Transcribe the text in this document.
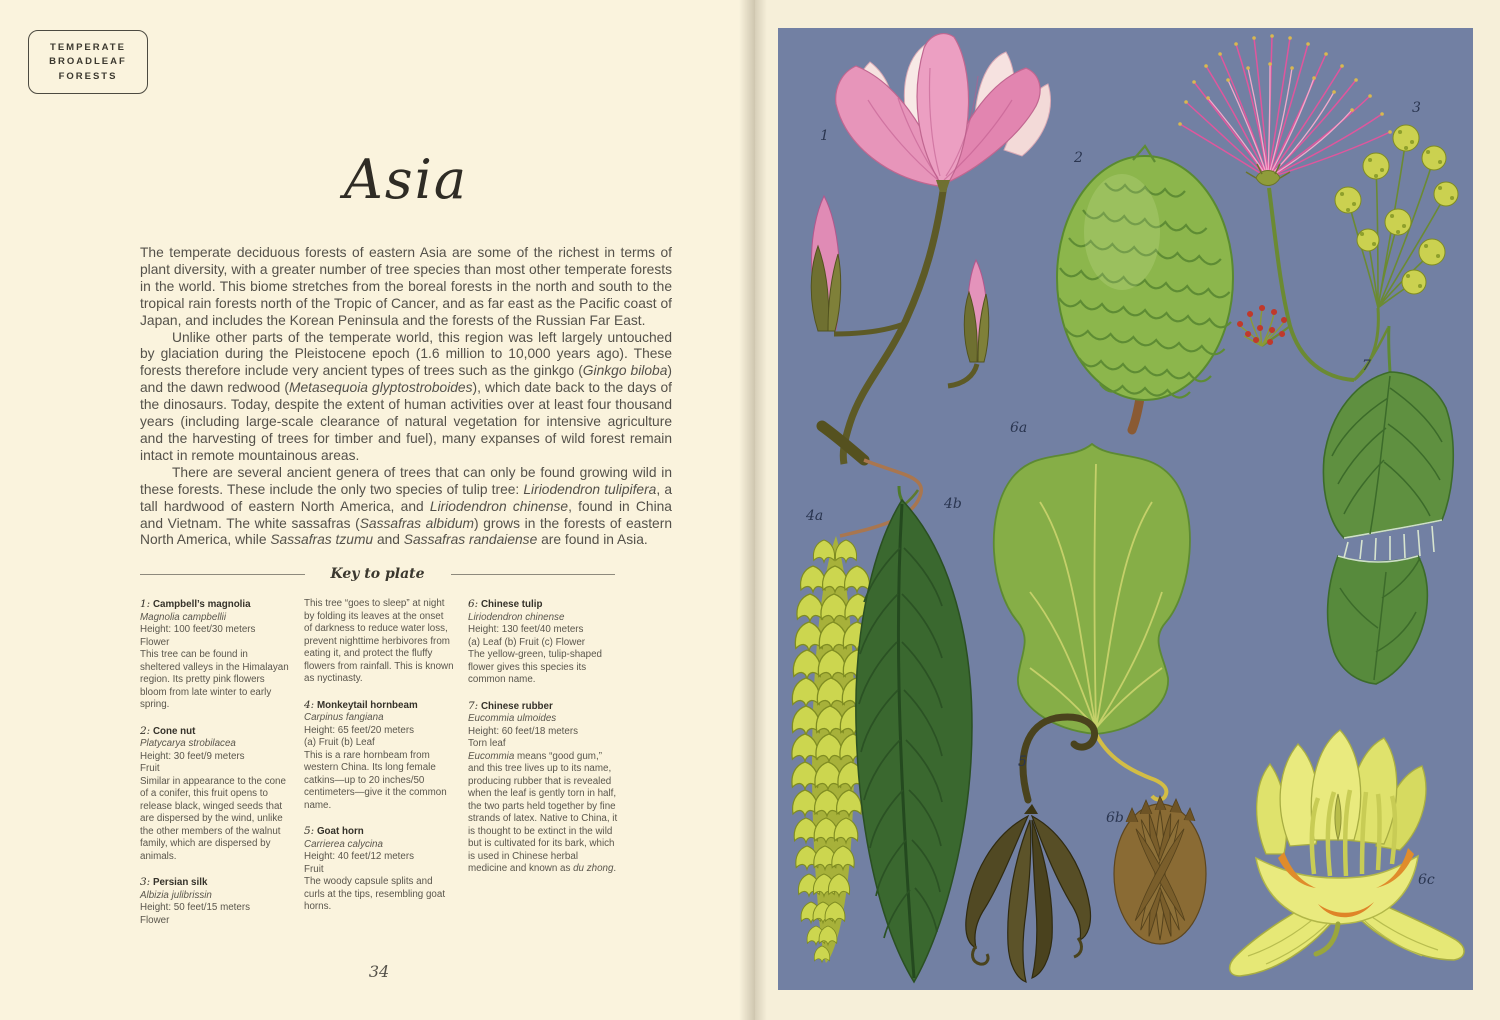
TEMPERATE
BROADLEAF FORESTS
Asia

The temperate deciduous forests of eastern Asia are some of the richest in terms of plant diversity, with a greater number of tree species than most other temperate forests in the world. This biome stretches from the boreal forests in the north and south to the tropical rain forests north of the Tropic of Cancer, and as far east as the Pacific coast of Japan, and includes the Korean Peninsula and the forests of the Russian Far East.

Unlike other parts of the temperate world, this region was left largely untouched by glaciation during the Pleistocene epoch (1.6 million to 10,000 years ago). These forests therefore include very ancient types of trees such as the ginkgo (Ginkgo biloba) and the dawn redwood (Metasequoia glyptostroboides), which date back to the days of the dinosaurs. Today, despite the extent of human activities over at least four thousand years (including large-scale clearance of natural vegetation for intensive agriculture and the harvesting of trees for timber and fuel), many expanses of wild forest remain intact in remote mountainous areas.

There are several ancient genera of trees that can only be found growing wild in these forests. These include the only two species of tulip tree: Liriodendron tulipifera, a tall hardwood of eastern North America, and Liriodendron chinense, found in China and Vietnam. The white sassafras (Sassafras albidum) grows in the forests of eastern North America, while Sassafras tzumu and Sassafras randaiense are found in Asia.

Key to plate
1: Campbell’s magnolia
Magnolia campbellii
Height: 100 feet/30 meters
Flower
This tree can be found in sheltered valleys in the Himalayan region. Its pretty pink flowers bloom from late winter to early spring.
2: Cone nut
Platycarya strobilacea
Height: 30 feet/9 meters
Fruit
Similar in appearance to the cone of a conifer, this fruit opens to release black, winged seeds that are dispersed by the wind, unlike the other members of the walnut family, which are dispersed by animals.
3: Persian silk
Albizia julibrissin
Height: 50 feet/15 meters
Flower
This tree “goes to sleep” at night by folding its leaves at the onset of darkness to reduce water loss, prevent nighttime herbivores from eating it, and protect the fluffy flowers from rainfall. This is known as nyctinasty.
4: Monkeytail hornbeam
Carpinus fangiana
Height: 65 feet/20 meters
(a) Fruit (b) Leaf
This is a rare hornbeam from western China. Its long female catkins—up to 20 inches/50 centimeters—give it the common name.
5: Goat horn
Carrierea calycina
Height: 40 feet/12 meters
Fruit
The woody capsule splits and curls at the tips, resembling goat horns.
6: Chinese tulip
Liriodendron chinense
Height: 130 feet/40 meters
(a) Leaf (b) Fruit (c) Flower
The yellow-green, tulip-shaped flower gives this species its common name.
7: Chinese rubber
Eucommia ulmoides
Height: 60 feet/18 meters
Torn leaf
Eucommia means “good gum,” and this tree lives up to its name, producing rubber that is revealed when the leaf is gently torn in half, the two parts held together by fine strands of latex. Native to China, it is thought to be extinct in the wild but is cultivated for its bark, which is used in Chinese herbal medicine and known as du zhong.
34
1
2
3
4a
4b
5
6a
6b
6c
7
